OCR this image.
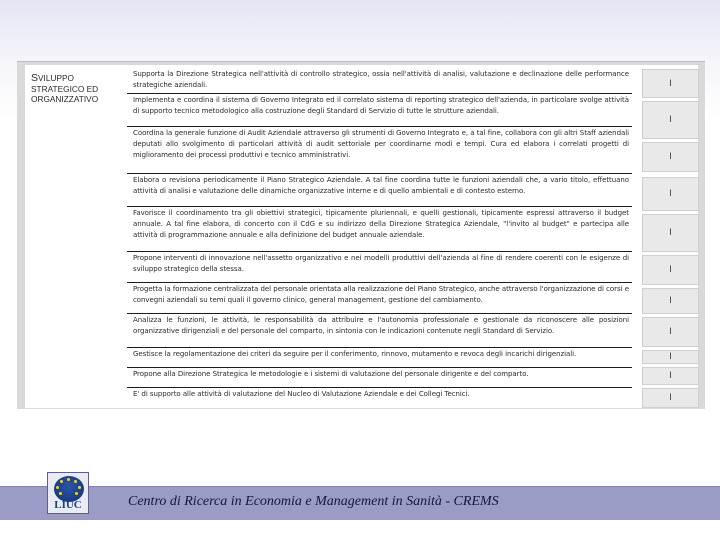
SVILUPPO
STRATEGICO ED
ORGANIZZATIVO
Supporta la Direzione Strategica nell'attività di controllo strategico, ossia nell'attività di analisi, valutazione e declinazione delle performance strategiche aziendali.
Implementa e coordina il sistema di Governo Integrato ed il correlato sistema di reporting strategico dell'azienda, in particolare svolge attività di supporto tecnico metodologico alla costruzione degli Standard di Servizio di tutte le strutture aziendali.
Coordina la generale funzione di Audit Aziendale attraverso gli strumenti di Governo Integrato e, a tal fine, collabora con gli altri Staff aziendali deputati allo svolgimento di particolari attività di audit settoriale per coordinarne modi e tempi. Cura ed elabora i correlati progetti di miglioramento dei processi produttivi e tecnico amministrativi.
Elabora o revisiona periodicamente il Piano Strategico Aziendale. A tal fine coordina tutte le funzioni aziendali che, a vario titolo, effettuano attività di analisi e valutazione delle dinamiche organizzative interne e di quello ambientali e di contesto esterno.
Favorisce il coordinamento tra gli obiettivi strategici, tipicamente pluriennali, e quelli gestionali, tipicamente espressi attraverso il budget annuale. A tal fine elabora, di concerto con il CdG e su indirizzo della Direzione Strategica Aziendale, "l'invito al budget" e partecipa alle attività di programmazione annuale e alla definizione del budget annuale aziendale.
Propone interventi di innovazione nell'assetto organizzativo e nei modelli produttivi dell'azienda al fine di rendere coerenti con le esigenze di sviluppo strategico della stessa.
Progetta la formazione centralizzata del personale orientata alla realizzazione del Piano Strategico, anche attraverso l'organizzazione di corsi e convegni aziendali su temi quali il governo clinico, general management, gestione del cambiamento.
Analizza le funzioni, le attività, le responsabilità da attribuire e l'autonomia professionale e gestionale da riconoscere alle posizioni organizzative dirigenziali e del personale del comparto, in sintonia con le indicazioni contenute negli Standard di Servizio.
Gestisce la regolamentazione dei criteri da seguire per il conferimento, rinnovo, mutamento e revoca degli incarichi dirigenziali.
Propone alla Direzione Strategica le metodologie e i sistemi di valutazione del personale dirigente e del comparto.
E' di supporto alle attività di valutazione del Nucleo di Valutazione Aziendale e dei Collegi Tecnici.
I
I
I
I
I
I
I
I
I
I
I
Centro di Ricerca in Economia e Management in Sanità - CREMS
LIUC
